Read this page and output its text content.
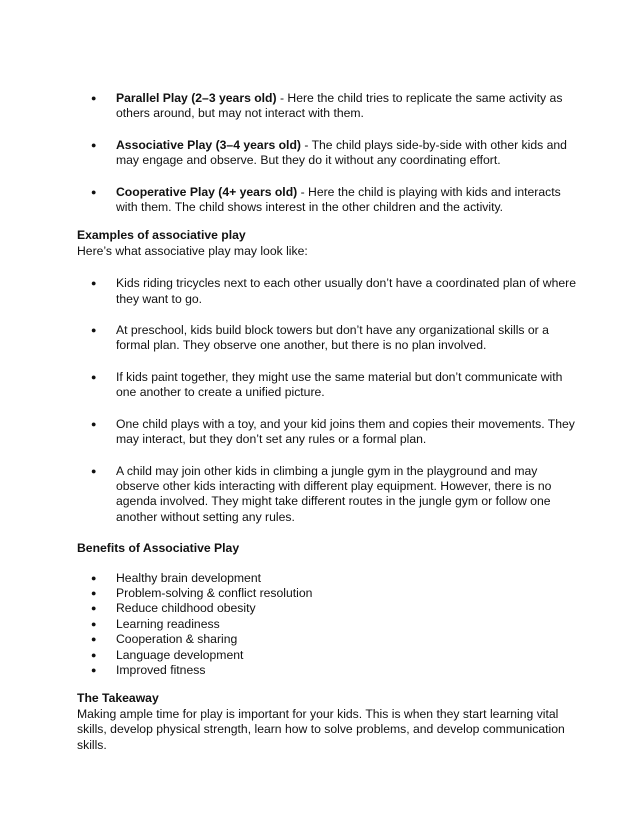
● Parallel Play (2–3 years old) - Here the child tries to replicate the same activity as others around, but may not interact with them.
● Associative Play (3–4 years old) - The child plays side-by-side with other kids and may engage and observe. But they do it without any coordinating effort.
● Cooperative Play (4+ years old) - Here the child is playing with kids and interacts with them. The child shows interest in the other children and the activity.

Examples of associative play

Here’s what associative play may look like:

● Kids riding tricycles next to each other usually don’t have a coordinated plan of where they want to go.
● At preschool, kids build block towers but don’t have any organizational skills or a formal plan. They observe one another, but there is no plan involved.
● If kids paint together, they might use the same material but don’t communicate with one another to create a unified picture.
● One child plays with a toy, and your kid joins them and copies their movements. They may interact, but they don’t set any rules or a formal plan.
● A child may join other kids in climbing a jungle gym in the playground and may observe other kids interacting with different play equipment. However, there is no agenda involved. They might take different routes in the jungle gym or follow one another without setting any rules.

Benefits of Associative Play

● Healthy brain development
● Problem-solving & conflict resolution
● Reduce childhood obesity
● Learning readiness
● Cooperation & sharing
● Language development
● Improved fitness

The Takeaway

Making ample time for play is important for your kids. This is when they start learning vital skills, develop physical strength, learn how to solve problems, and develop communication skills.
